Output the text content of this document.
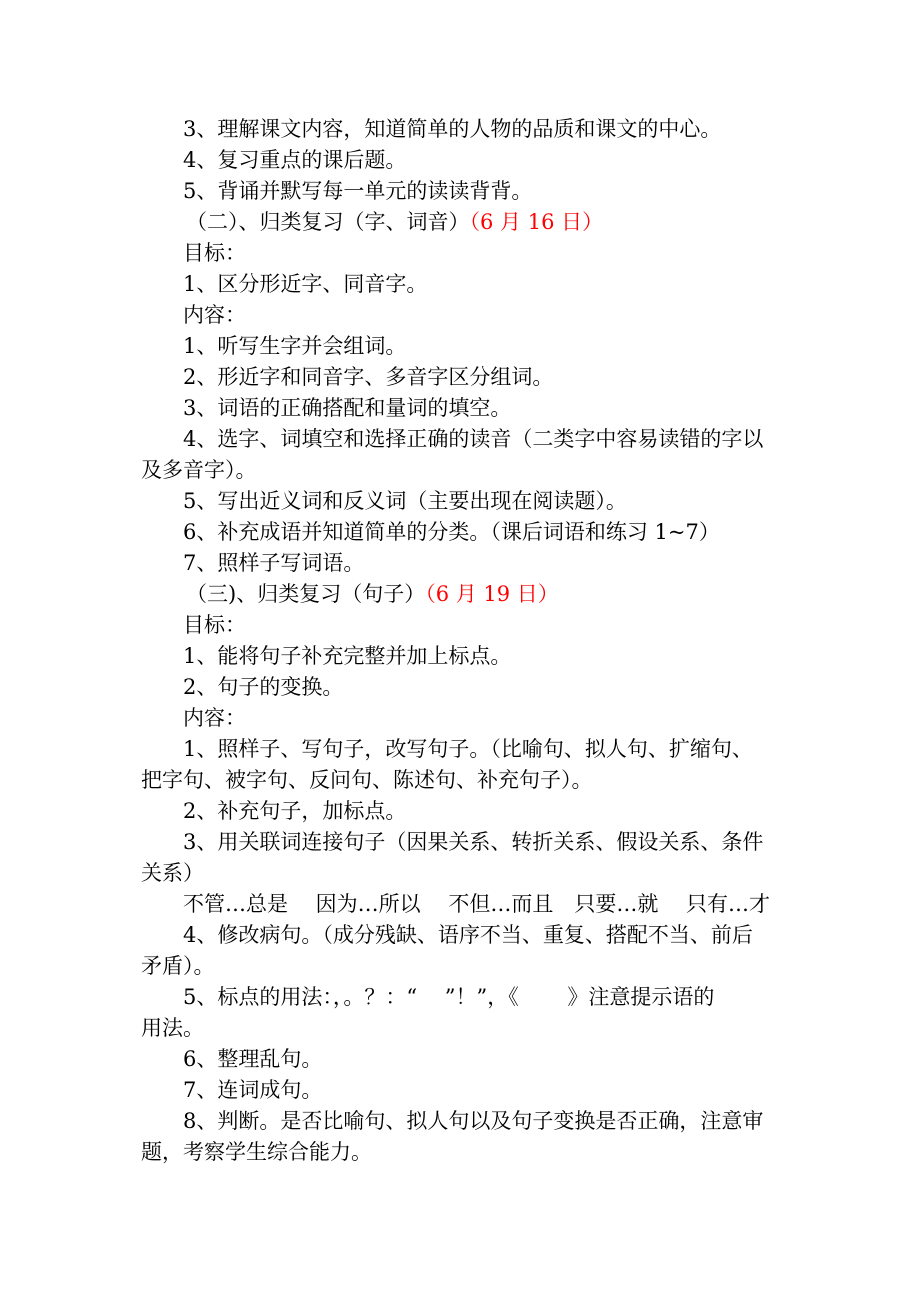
3、理解课文内容，知道简单的人物的品质和课文的中心。
4、复习重点的课后题。
5、背诵并默写每一单元的读读背背。
（二）、归类复习（字、词音）（6 月 16 日）
目标：
1、区分形近字、同音字。
内容：
1、听写生字并会组词。
2、形近字和同音字、多音字区分组词。
3、词语的正确搭配和量词的填空。
4、选字、词填空和选择正确的读音（二类字中容易读错的字以
及多音字）。
5、写出近义词和反义词（主要出现在阅读题）。
6、补充成语并知道简单的分类。（课后词语和练习 1~7）
7、照样子写词语。
（三)、归类复习（句子）（6 月 19 日）
目标：
1、能将句子补充完整并加上标点。
2、句子的变换。
内容：
1、照样子、写句子，改写句子。（比喻句、拟人句、扩缩句、
把字句、被字句、反问句、陈述句、补充句子）。
2、补充句子，加标点。
3、用关联词连接句子（因果关系、转折关系、假设关系、条件
关系）
不管…总是　 因为…所以　 不但…而且　只要…就　 只有…才
4、修改病句。（成分残缺、语序不当、重复、搭配不当、前后
矛盾）。
5、标点的用法：，。？：“　 ”！”，《　　 》注意提示语的
用法。
6、整理乱句。
7、连词成句。
8、判断。是否比喻句、拟人句以及句子变换是否正确，注意审
题，考察学生综合能力。
